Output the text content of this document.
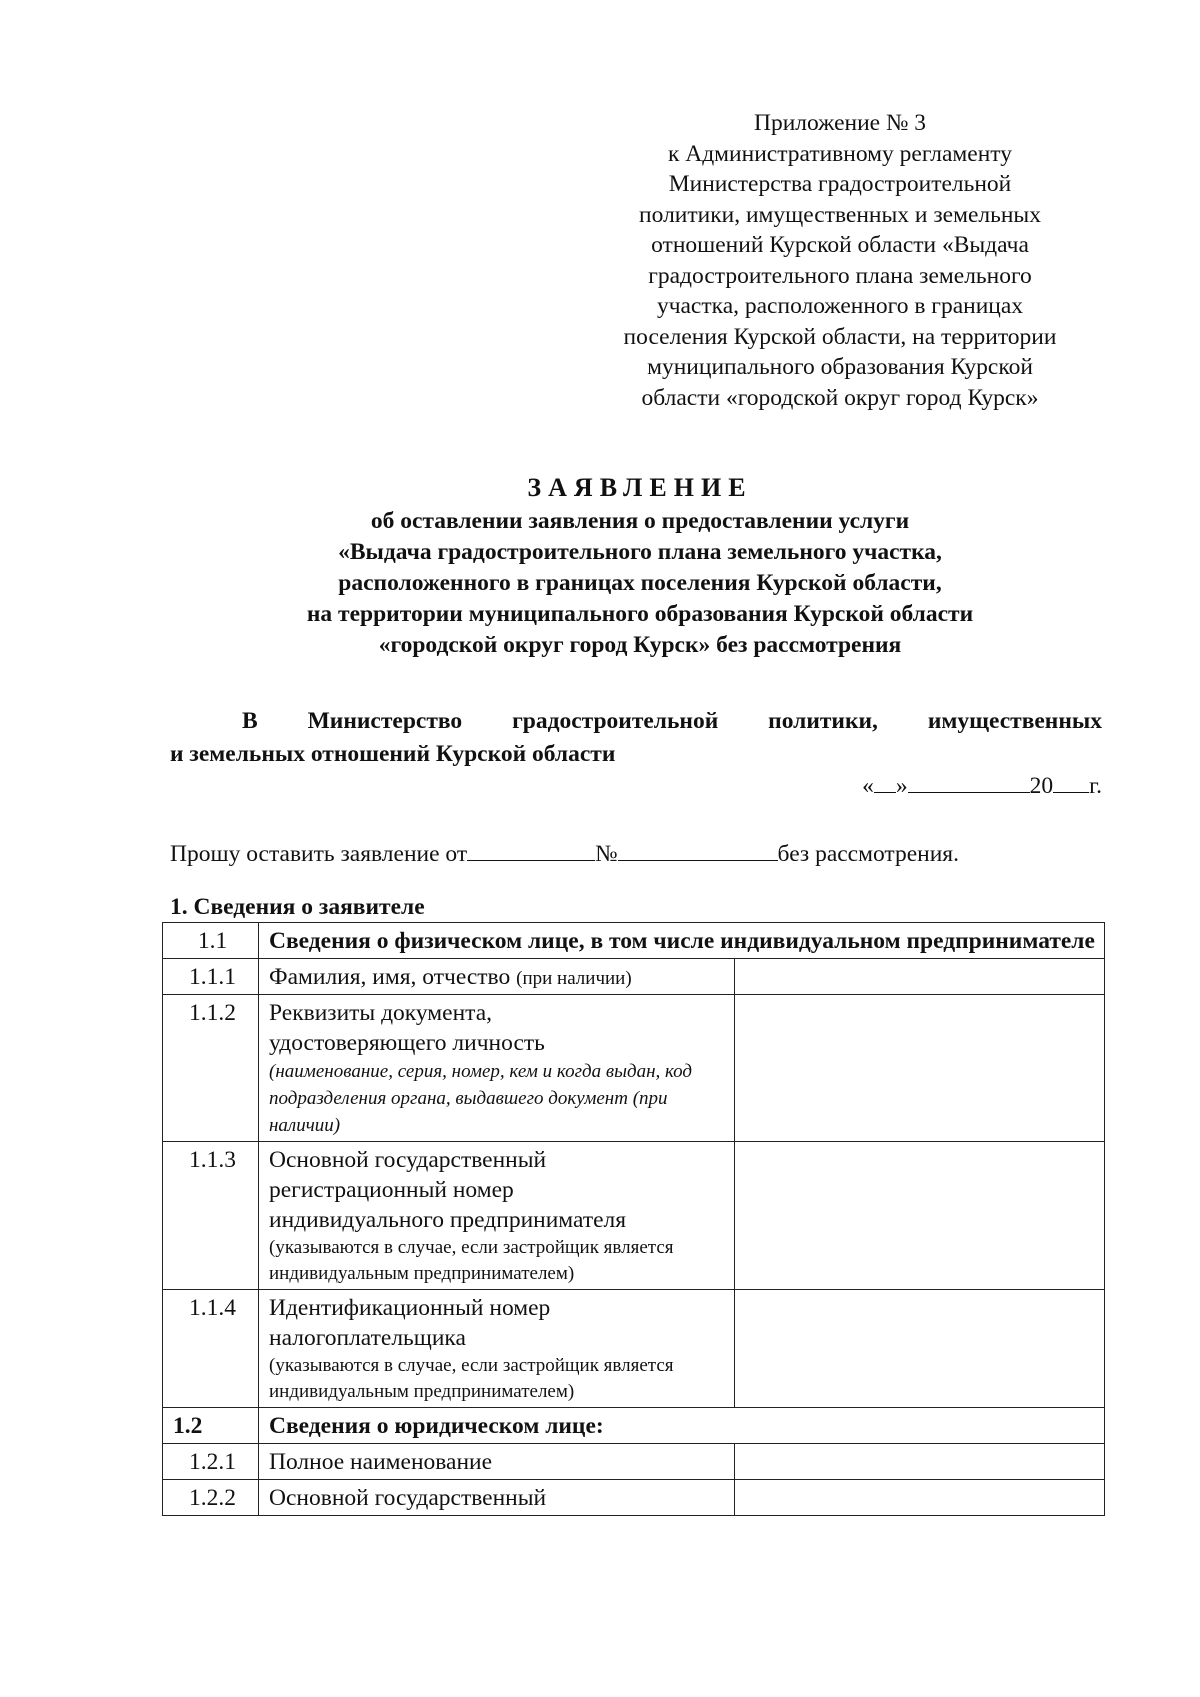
Приложение № 3
к Административному регламенту
Министерства градостроительной
политики, имущественных и земельных
отношений Курской области «Выдача
градостроительного плана земельного
участка, расположенного в границах
поселения Курской области, на территории
муниципального образования Курской
области «городской округ город Курск»
ЗАЯВЛЕНИЕ
об оставлении заявления о предоставлении услуги
«Выдача градостроительного плана земельного участка,
расположенного в границах поселения Курской области,
на территории муниципального образования Курской области
«городской округ город Курск» без рассмотрения
В Министерство градостроительной политики, имущественных
и земельных отношений Курской области
« »	20 г.
Прошу оставить заявление от	№	без рассмотрения.
1. Сведения о заявителе
1.1	Сведения о физическом лице, в том числе индивидуальном предпринимателе	
1.1.1	Фамилия, имя, отчество (при наличии)	
1.1.2	Реквизиты документа,
удостоверяющего личность
(наименование, серия, номер, кем и когда выдан, код подразделения органа, выдавшего документ (при наличии)	

1.1.3	Основной государственный
регистрационный номер
индивидуального предпринимателя
(указываются в случае, если застройщик является индивидуальным предпринимателем)	

1.1.4	Идентификационный номер
налогоплательщика
(указываются в случае, если застройщик является индивидуальным предпринимателем)	

1.2	Сведения о юридическом лице:	
1.2.1	Полное наименование	
1.2.2	Основной государственный	
